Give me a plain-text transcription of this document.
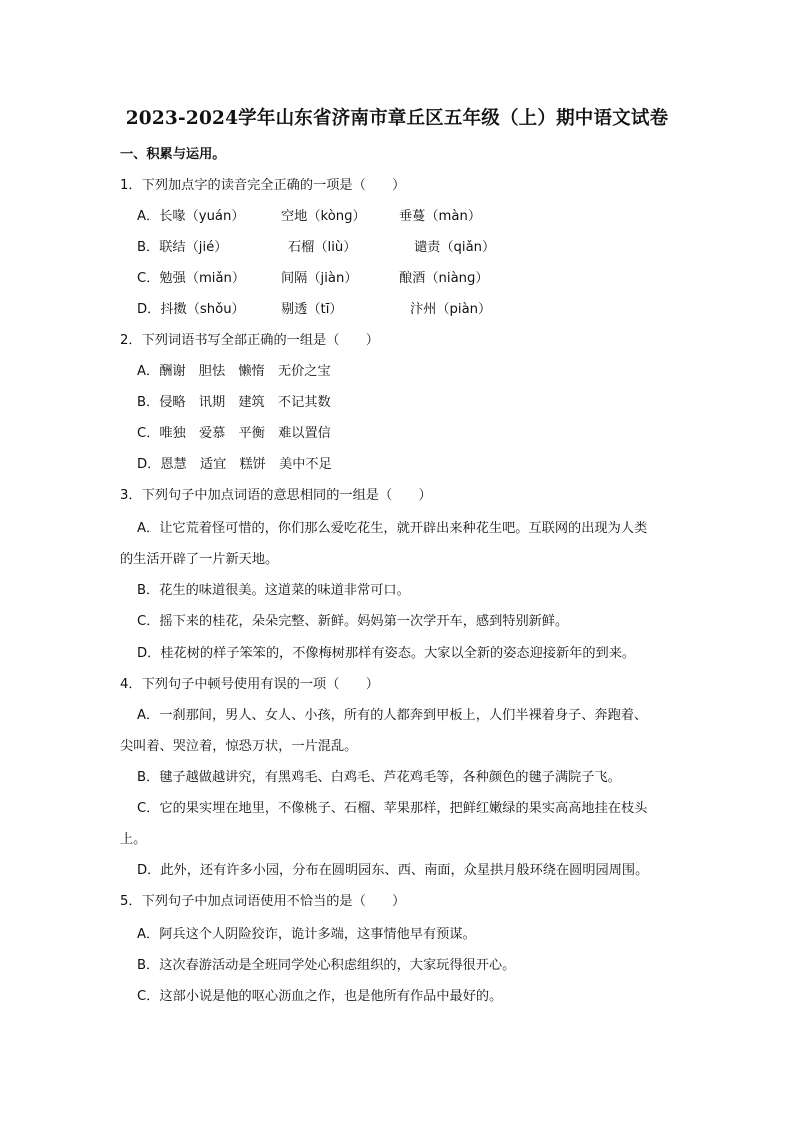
2023-2024学年山东省济南市章丘区五年级（上）期中语文试卷
一、积累与运用。
1．下列加点字的读音完全正确的一项是（　　）
A．长喙（yuán）	空地（kònɡ）	垂蔓（màn）
B．联结（jié）	石榴（liù）	谴责（qiǎn）
C．勉强（miǎn）	间隔（jiàn）	酿酒（niànɡ）
D．抖擞（shǒu）	剔透（tī）	汴州（piàn）
2．下列词语书写全部正确的一组是（　　）
A．酬谢　胆怯　懒惰　无价之宝
B．侵略　讯期　建筑　不记其数
C．唯独　爱慕　平衡　难以置信
D．恩慧　适宜　糕饼　美中不足
3．下列句子中加点词语的意思相同的一组是（　　）
A．让它荒着怪可惜的，你们那么爱吃花生，就开辟出来种花生吧。互联网的出现为人类
的生活开辟了一片新天地。
B．花生的味道很美。这道菜的味道非常可口。
C．摇下来的桂花，朵朵完整、新鲜。妈妈第一次学开车，感到特别新鲜。
D．桂花树的样子笨笨的，不像梅树那样有姿态。大家以全新的姿态迎接新年的到来。
4．下列句子中顿号使用有误的一项（　　）
A．一刹那间，男人、女人、小孩，所有的人都奔到甲板上，人们半裸着身子、奔跑着、
尖叫着、哭泣着，惊恐万状，一片混乱。
B．毽子越做越讲究，有黑鸡毛、白鸡毛、芦花鸡毛等，各种颜色的毽子满院子飞。
C．它的果实埋在地里，不像桃子、石榴、苹果那样，把鲜红嫩绿的果实高高地挂在枝头
上。
D．此外，还有许多小园，分布在圆明园东、西、南面，众星拱月般环绕在圆明园周围。
5．下列句子中加点词语使用不恰当的是（　　）
A．阿兵这个人阴险狡诈，诡计多端，这事情他早有预谋。
B．这次春游活动是全班同学处心积虑组织的，大家玩得很开心。
C．这部小说是他的呕心沥血之作，也是他所有作品中最好的。
